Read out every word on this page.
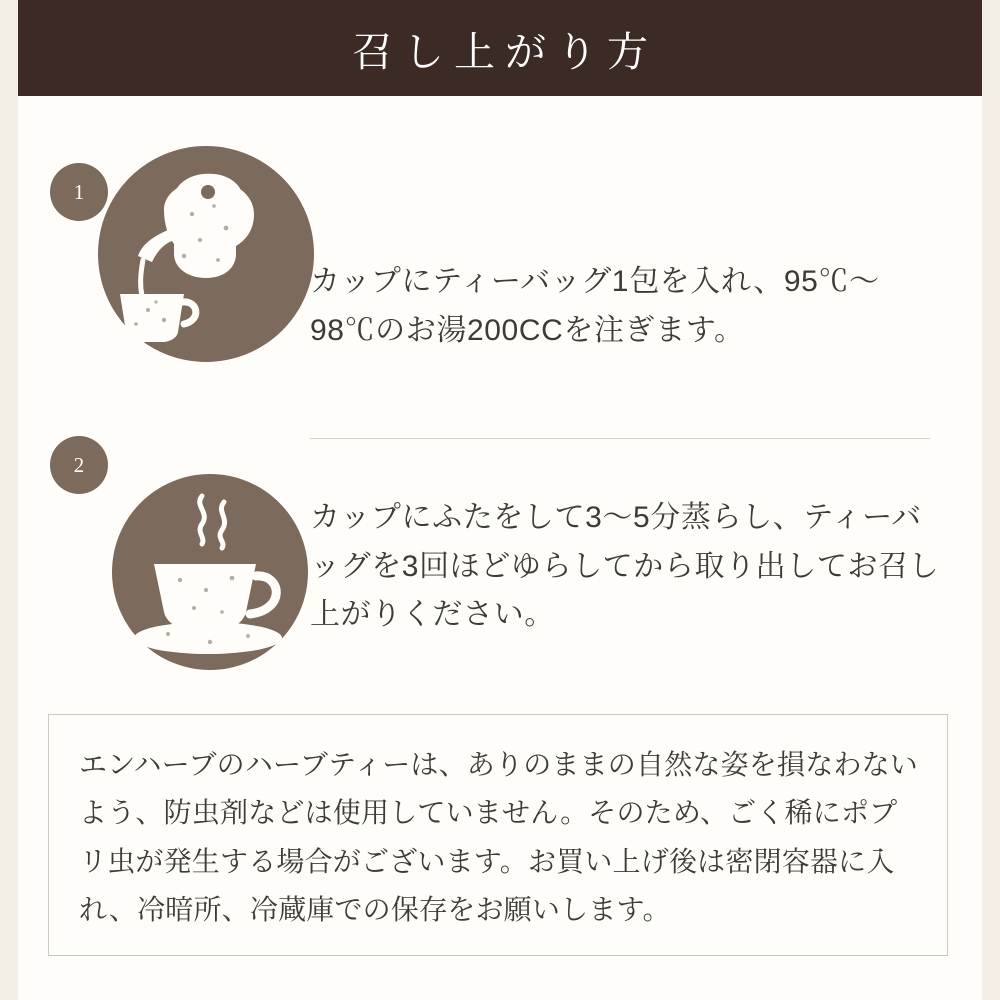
召し上がり方
1
カップにティーバッグ1包を入れ、95℃〜98℃のお湯200CCを注ぎます。
2
カップにふたをして3〜5分蒸らし、ティーバッグを3回ほどゆらしてから取り出してお召し上がりください。
エンハーブのハーブティーは、ありのままの自然な姿を損なわないよう、防虫剤などは使用していません。そのため、ごく稀にポプリ虫が発生する場合がございます。お買い上げ後は密閉容器に入れ、冷暗所、冷蔵庫での保存をお願いします。
